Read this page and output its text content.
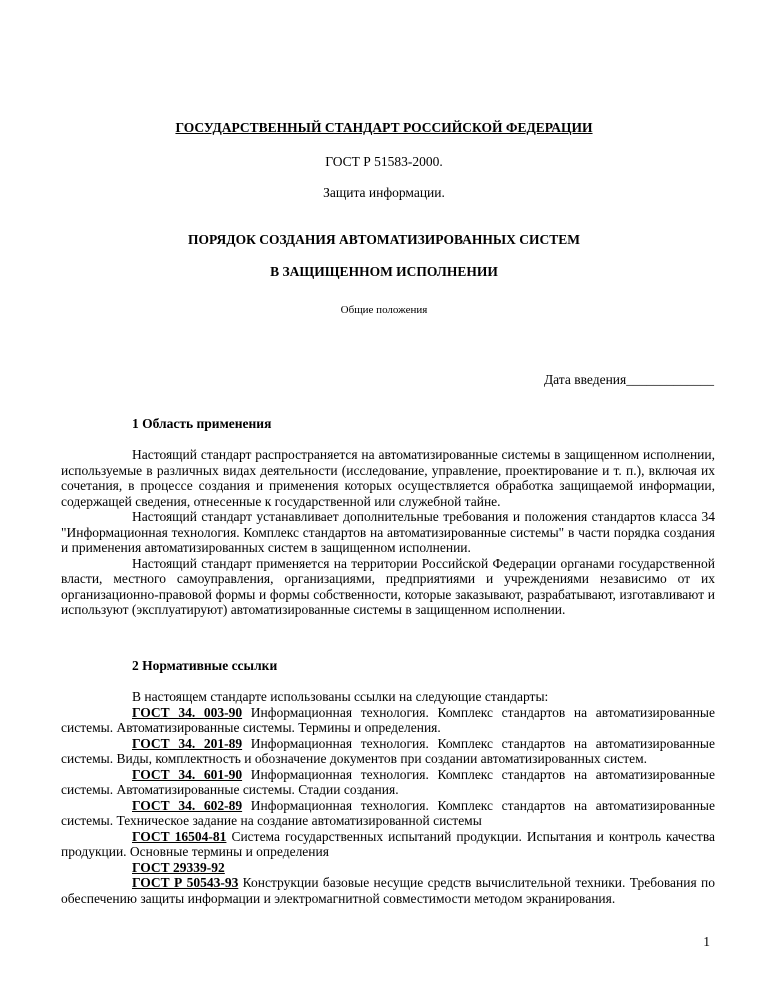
ГОСУДАРСТВЕННЫЙ СТАНДАРТ РОССИЙСКОЙ ФЕДЕРАЦИИ
ГОСТ Р 51583-2000.
Защита информации.
ПОРЯДОК СОЗДАНИЯ АВТОМАТИЗИРОВАННЫХ СИСТЕМ
В ЗАЩИЩЕННОМ ИСПОЛНЕНИИ
Общие положения
Дата введения_____________
1 Область применения

Настоящий стандарт распространяется на автоматизированные системы в защищенном исполнении, используемые в различных видах деятельности (исследование, управление, проектирование и т. п.), включая их сочетания, в процессе создания и применения которых осуществляется обработка защищаемой информации, содержащей сведения, отнесенные к государственной или служебной тайне.

Настоящий стандарт устанавливает дополнительные требования и положения стандартов класса 34 "Информационная технология. Комплекс стандартов на автоматизированные системы" в части порядка создания и применения автоматизированных систем в защищенном исполнении.

Настоящий стандарт применяется на территории Российской Федерации органами государственной власти, местного самоуправления, организациями, предприятиями и учреждениями независимо от их организационно-правовой формы и формы собственности, которые заказывают, разрабатывают, изготавливают и используют (эксплуатируют) автоматизированные системы в защищенном исполнении.

2 Нормативные ссылки

В настоящем стандарте использованы ссылки на следующие стандарты:

ГОСТ 34. 003-90 Информационная технология. Комплекс стандартов на автоматизированные системы. Автоматизированные системы. Термины и определения.

ГОСТ 34. 201-89 Информационная технология. Комплекс стандартов на автоматизированные системы. Виды, комплектность и обозначение документов при создании автоматизированных систем.

ГОСТ 34. 601-90 Информационная технология. Комплекс стандартов на автоматизированные системы. Автоматизированные системы. Стадии создания.

ГОСТ 34. 602-89 Информационная технология. Комплекс стандартов на автоматизированные системы. Техническое задание на создание автоматизированной системы

ГОСТ 16504-81 Система государственных испытаний продукции. Испытания и контроль качества продукции. Основные термины и определения

ГОСТ 29339-92

ГОСТ Р 50543-93 Конструкции базовые несущие средств вычислительной техники. Требования по обеспечению защиты информации и электромагнитной совместимости методом экранирования.

1
